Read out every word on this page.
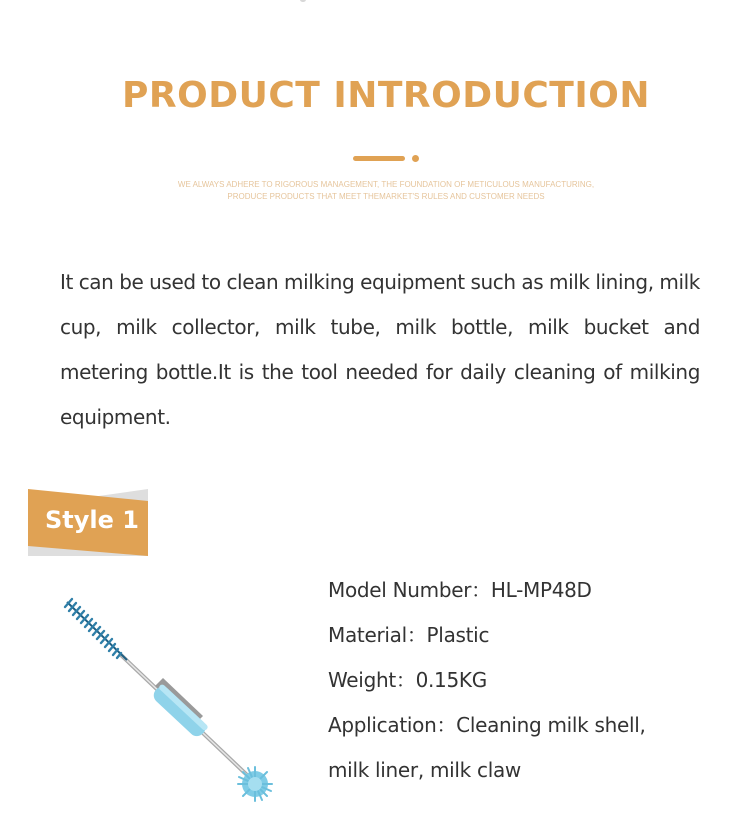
PRODUCT INTRODUCTION

WE ALWAYS ADHERE TO RIGOROUS MANAGEMENT, THE FOUNDATION OF METICULOUS MANUFACTURING,
PRODUCE PRODUCTS THAT MEET THEMARKET'S RULES AND CUSTOMER NEEDS

It can be used to clean milking equipment such as milk lining, milk cup, milk collector, milk tube, milk bottle, milk bucket and metering bottle.It is the tool needed for daily cleaning of milking equipment.

Style 1
Model Number：HL-MP48D
Material：Plastic
Weight：0.15KG
Application：Cleaning milk shell,
milk liner, milk claw
